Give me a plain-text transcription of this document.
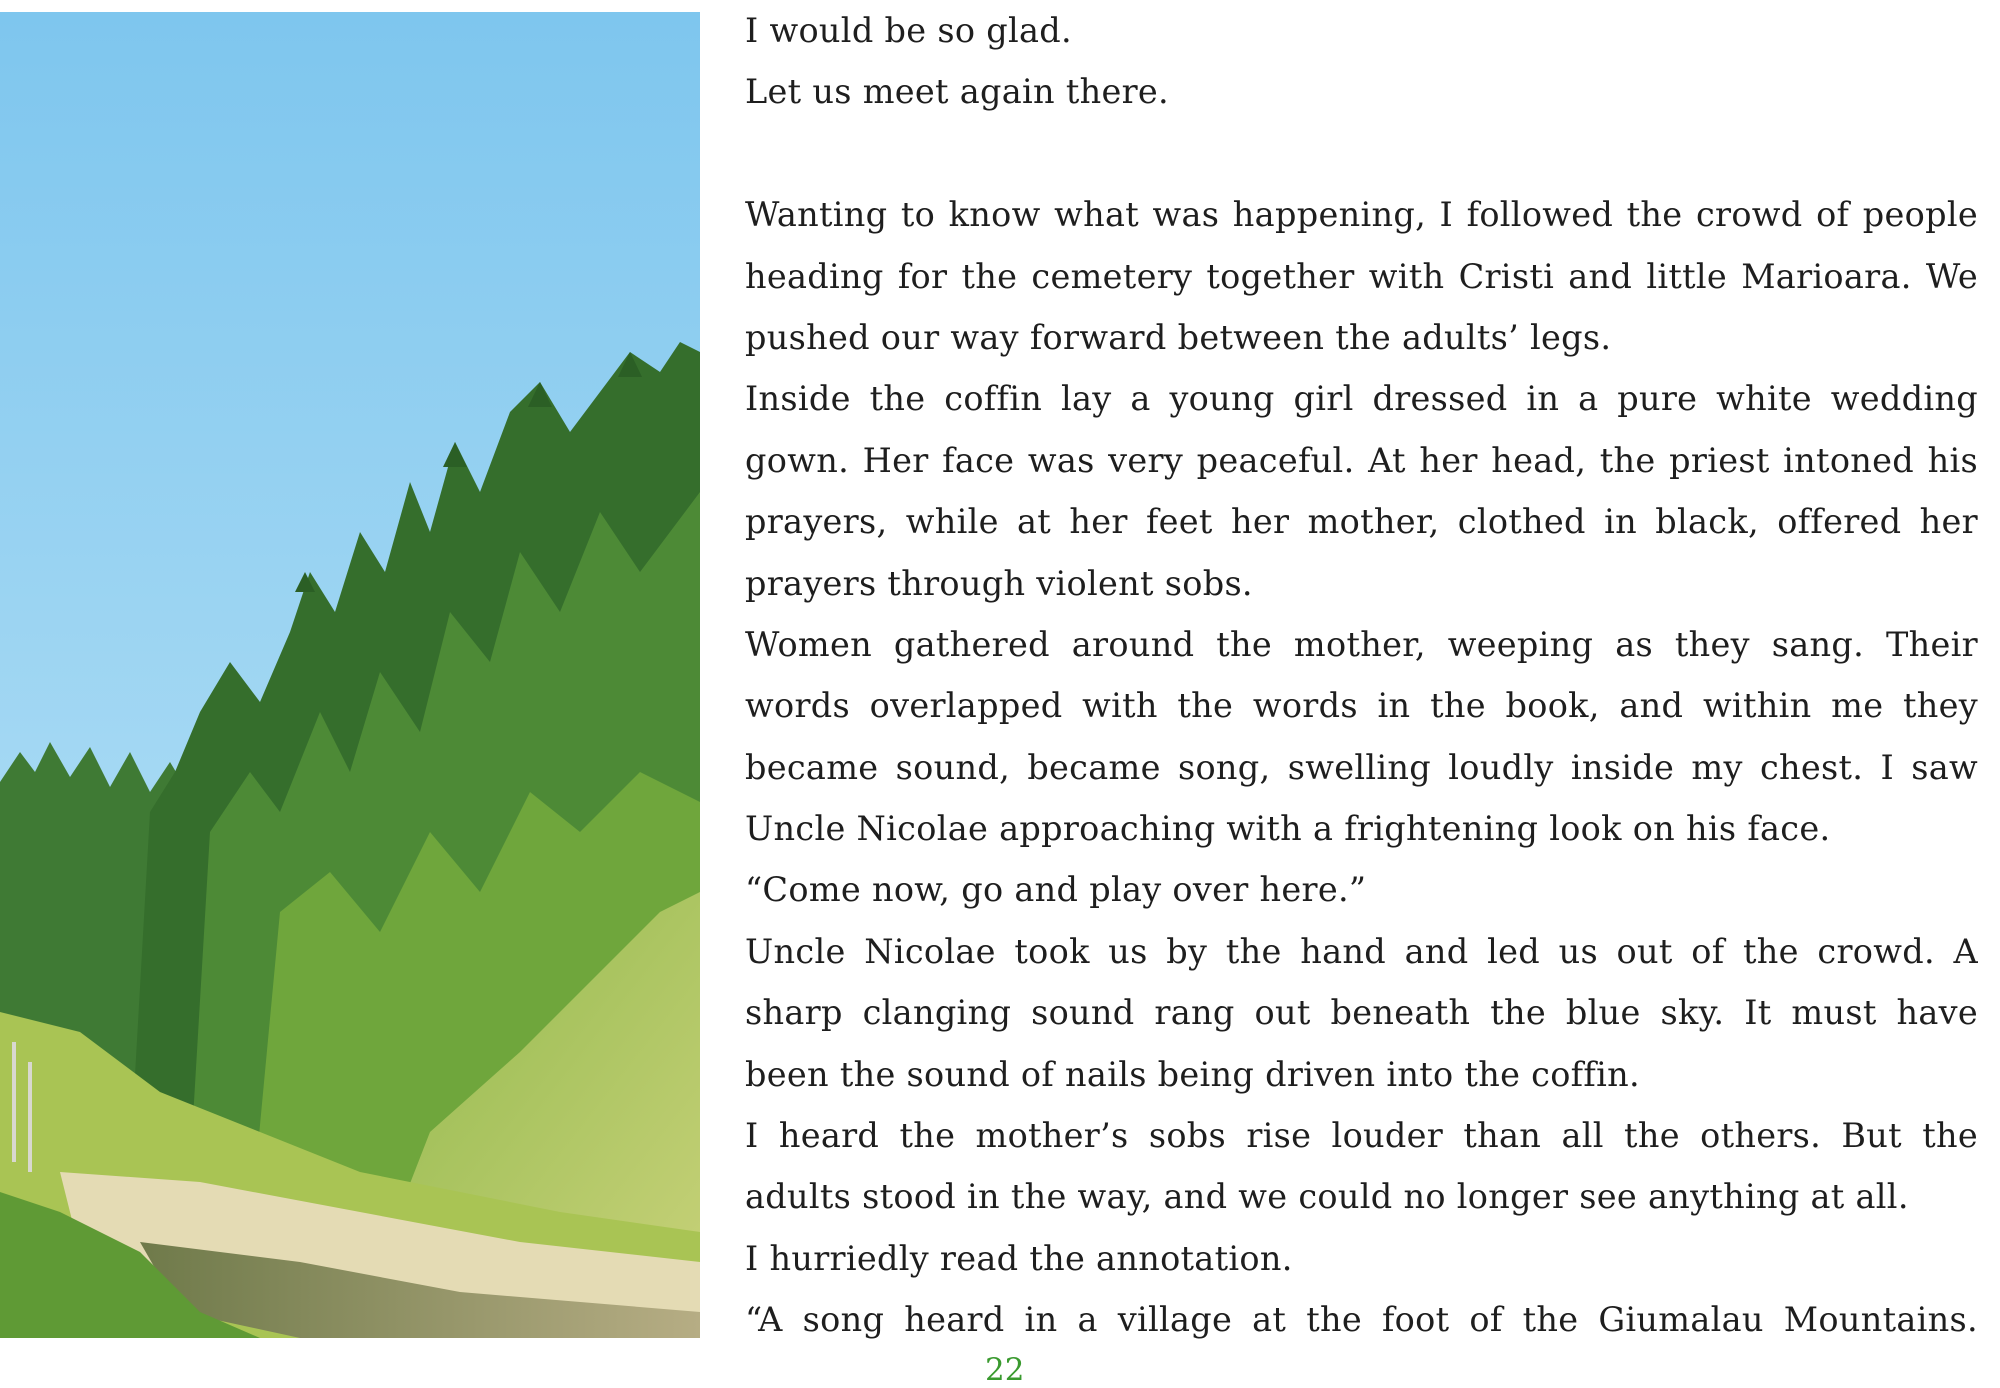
I would be so glad.
Let us meet again there.
Wanting to know what was happening, I followed the crowd of people
heading for the cemetery together with Cristi and little Marioara. We
pushed our way forward between the adults’ legs.
Inside the coffin lay a young girl dressed in a pure white wedding
gown. Her face was very peaceful. At her head, the priest intoned his
prayers, while at her feet her mother, clothed in black, offered her
prayers through violent sobs.
Women gathered around the mother, weeping as they sang. Their
words overlapped with the words in the book, and within me they
became sound, became song, swelling loudly inside my chest. I saw
Uncle Nicolae approaching with a frightening look on his face.
“Come now, go and play over here.”
Uncle Nicolae took us by the hand and led us out of the crowd. A
sharp clanging sound rang out beneath the blue sky. It must have
been the sound of nails being driven into the coffin.
I heard the mother’s sobs rise louder than all the others. But the
adults stood in the way, and we could no longer see anything at all.
I hurriedly read the annotation.
“A song heard in a village at the foot of the Giumalau Mountains.
22
